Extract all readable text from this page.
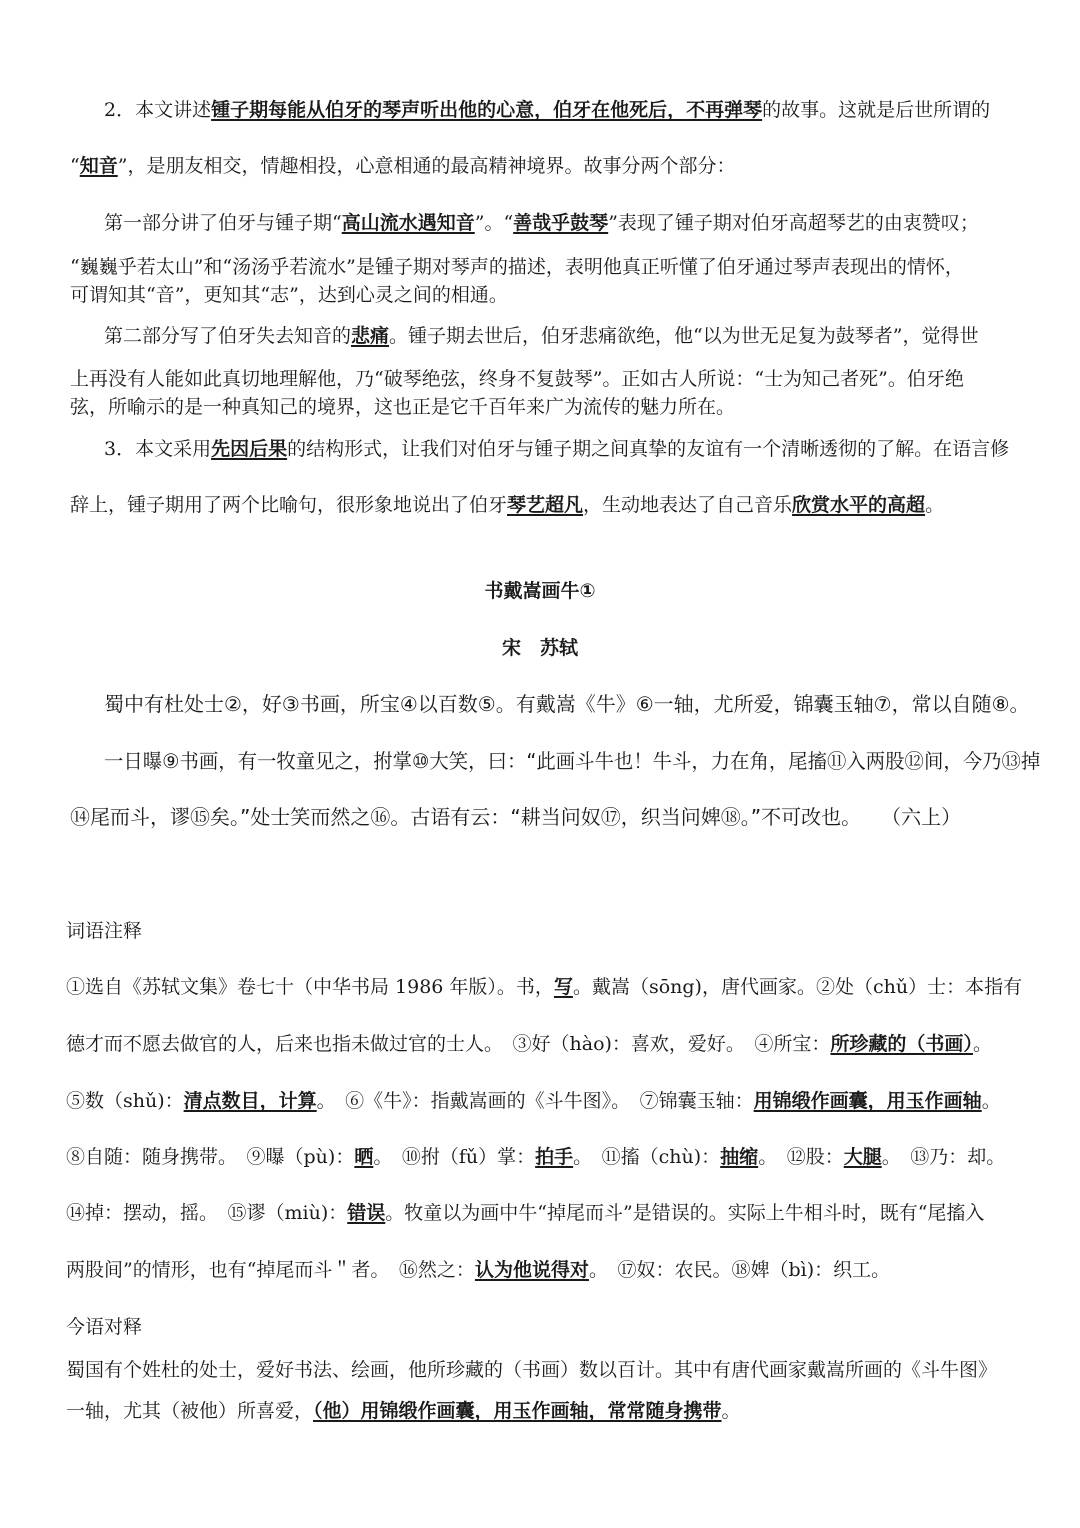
2．本文讲述锺子期每能从伯牙的琴声听出他的心意，伯牙在他死后，不再弹琴的故事。这就是后世所谓的
“知音”，是朋友相交，情趣相投，心意相通的最高精神境界。故事分两个部分：
第一部分讲了伯牙与锺子期“高山流水遇知音”。“善哉乎鼓琴”表现了锺子期对伯牙高超琴艺的由衷赞叹；
“巍巍乎若太山”和“汤汤乎若流水”是锺子期对琴声的描述，表明他真正听懂了伯牙通过琴声表现出的情怀，
可谓知其“音”，更知其“志”，达到心灵之间的相通。
第二部分写了伯牙失去知音的悲痛。锺子期去世后，伯牙悲痛欲绝，他“以为世无足复为鼓琴者”，觉得世
上再没有人能如此真切地理解他，乃“破琴绝弦，终身不复鼓琴”。正如古人所说：“士为知己者死”。伯牙绝
弦，所喻示的是一种真知己的境界，这也正是它千百年来广为流传的魅力所在。
3．本文采用先因后果的结构形式，让我们对伯牙与锺子期之间真挚的友谊有一个清晰透彻的了解。在语言修
辞上，锺子期用了两个比喻句，很形象地说出了伯牙琴艺超凡，生动地表达了自己音乐欣赏水平的高超。
书戴嵩画牛①
宋　苏轼
蜀中有杜处士②，好③书画，所宝④以百数⑤。有戴嵩《牛》⑥一轴，尤所爱，锦囊玉轴⑦，常以自随⑧。
一日曝⑨书画，有一牧童见之，拊掌⑩大笑，曰：“此画斗牛也！牛斗，力在角，尾搐⑪入两股⑫间，今乃⑬掉
⑭尾而斗，谬⑮矣。”处士笑而然之⑯。古语有云：“耕当问奴⑰，织当问婢⑱。”不可改也。　　（六上）
词语注释
①选自《苏轼文集》卷七十（中华书局 1986 年版）。书，写。戴嵩（sōng)，唐代画家。②处（chǔ）士：本指有
德才而不愿去做官的人，后来也指未做过官的士人。　③好（hào)：喜欢，爱好。　④所宝：所珍藏的（书画）。
⑤数（shǔ)：清点数目，计算。　⑥《牛》：指戴嵩画的《斗牛图》。　⑦锦囊玉轴：用锦缎作画囊，用玉作画轴。
⑧自随：随身携带。　⑨曝（pù)：晒。　⑩拊（fǔ）掌：拍手。　⑪搐（chù)：抽缩。　⑫股：大腿。　⑬乃：却。
⑭掉：摆动，摇。　⑮谬（miù)：错误。牧童以为画中牛“掉尾而斗”是错误的。实际上牛相斗时，既有“尾搐入
两股间”的情形，也有“掉尾而斗＂者。　⑯然之：认为他说得对。　⑰奴：农民。⑱婢（bì)：织工。
今语对释
蜀国有个姓杜的处士，爱好书法、绘画，他所珍藏的（书画）数以百计。其中有唐代画家戴嵩所画的《斗牛图》
一轴，尤其（被他）所喜爱，（他）用锦缎作画囊，用玉作画轴，常常随身携带。
